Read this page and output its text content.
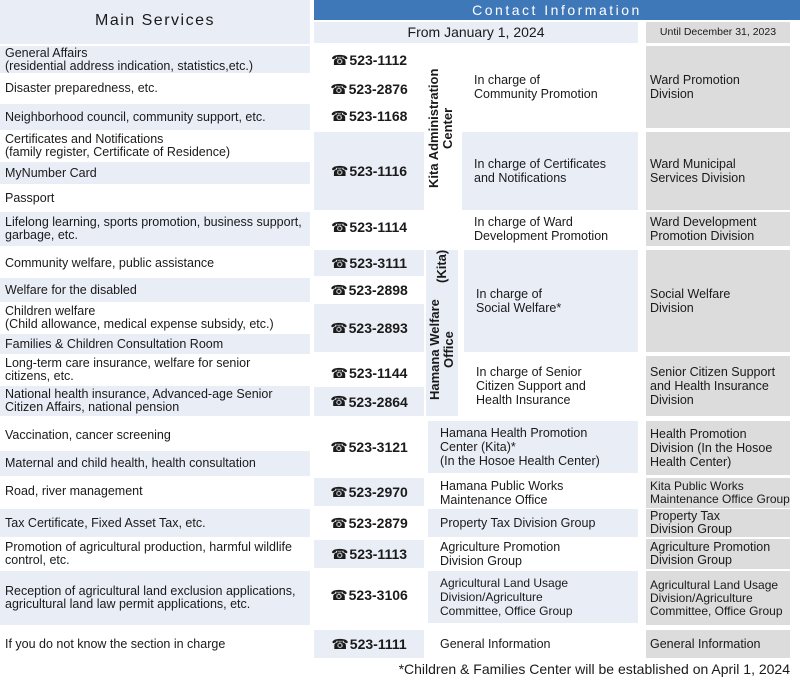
Main Services
Contact Information
From January 1, 2024	Until December 31, 2023
General Affairs
(residential address indication, statistics,etc.)
Disaster preparedness, etc.
Neighborhood council, community support, etc.
Certificates and Notifications
(family register, Certificate of Residence)
MyNumber Card
Passport
Lifelong learning, sports promotion, business support,
garbage, etc.
Community welfare, public assistance
Welfare for the disabled
Children welfare
(Child allowance, medical expense subsidy, etc.)
Families & Children Consultation Room
Long-term care insurance, welfare for senior
citizens, etc.
National health insurance, Advanced-age Senior
Citizen Affairs, national pension
Vaccination, cancer screening
Maternal and child health, health consultation
Road, river management
Tax Certificate, Fixed Asset Tax, etc.
Promotion of agricultural production, harmful wildlife
control, etc.
Reception of agricultural land exclusion applications,
agricultural land law permit applications, etc.
If you do not know the section in charge
☎ 523-1112
☎ 523-2876
☎ 523-1168
☎ 523-1116
☎ 523-1114
☎ 523-3111
☎ 523-2898
☎ 523-2893
☎ 523-1144
☎ 523-2864
☎ 523-3121
☎ 523-2970
☎ 523-2879
☎ 523-1113
☎ 523-3106
☎ 523-1111
Kita Administration Center
Hamana Welfare Office
(Kita)
In charge of
Community Promotion
In charge of Certificates
and Notifications
In charge of Ward
Development Promotion
In charge of
Social Welfare*
In charge of Senior
Citizen Support and
Health Insurance
Hamana Health Promotion
Center (Kita)*
(In the Hosoe Health Center)
Hamana Public Works
Maintenance Office
Property Tax Division Group
Agriculture Promotion
Division Group
Agricultural Land Usage
Division/Agriculture
Committee, Office Group
General Information
Ward Promotion
Division
Ward Municipal
Services Division
Ward Development
Promotion Division
Social Welfare
Division
Senior Citizen Support
and Health Insurance
Division
Health Promotion
Division (In the Hosoe
Health Center)
Kita Public Works
Maintenance Office Group
Property Tax
Division Group
Agriculture Promotion
Division Group
Agricultural Land Usage
Division/Agriculture
Committee, Office Group
General Information
*Children & Families Center will be established on April 1, 2024
